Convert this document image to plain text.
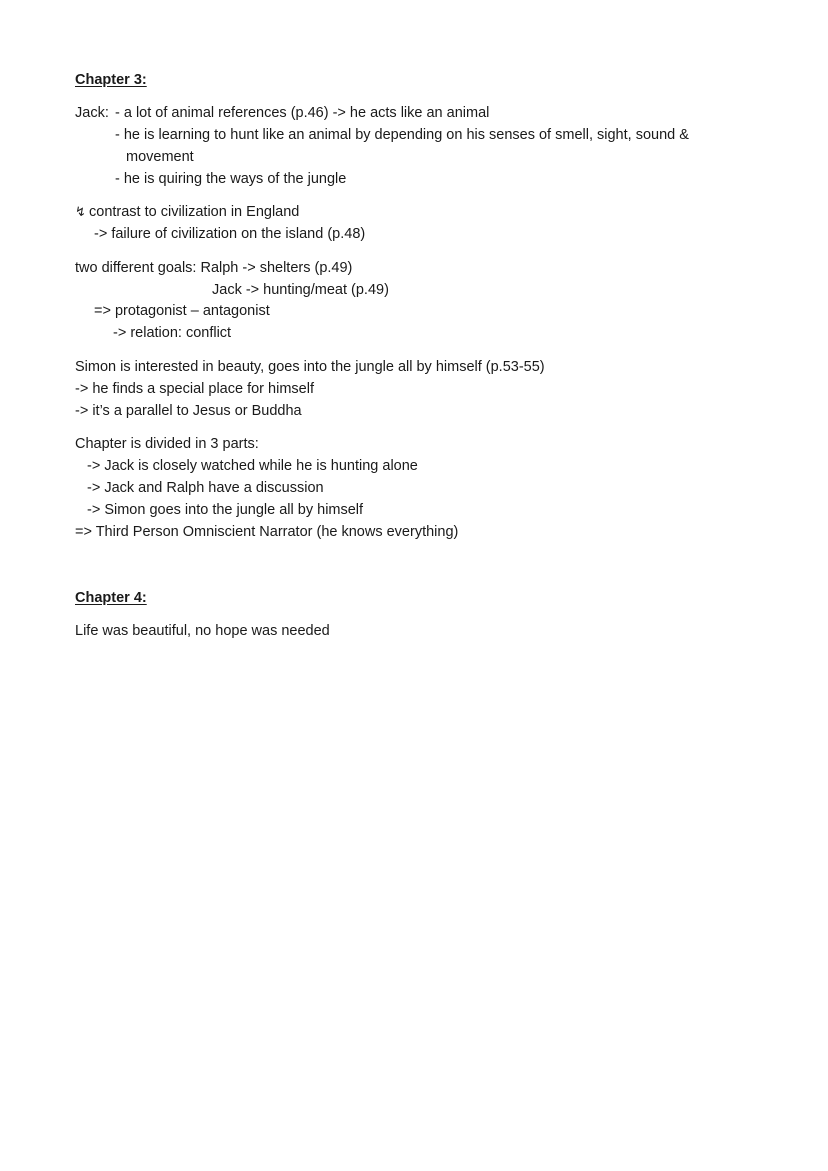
Chapter 3:
Jack: - a lot of animal references (p.46) -> he acts like an animal
- he is learning to hunt like an animal by depending on his senses of smell, sight, sound &
movement
- he is quiring the ways of the jungle
↯ contrast to civilization in England
-> failure of civilization on the island (p.48)
two different goals: Ralph -> shelters (p.49)
Jack -> hunting/meat (p.49)
=> protagonist – antagonist
-> relation: conflict
Simon is interested in beauty, goes into the jungle all by himself (p.53-55)
-> he finds a special place for himself
-> it’s a parallel to Jesus or Buddha
Chapter is divided in 3 parts:
-> Jack is closely watched while he is hunting alone
-> Jack and Ralph have a discussion
-> Simon goes into the jungle all by himself
=> Third Person Omniscient Narrator (he knows everything)
Chapter 4:
Life was beautiful, no hope was needed
